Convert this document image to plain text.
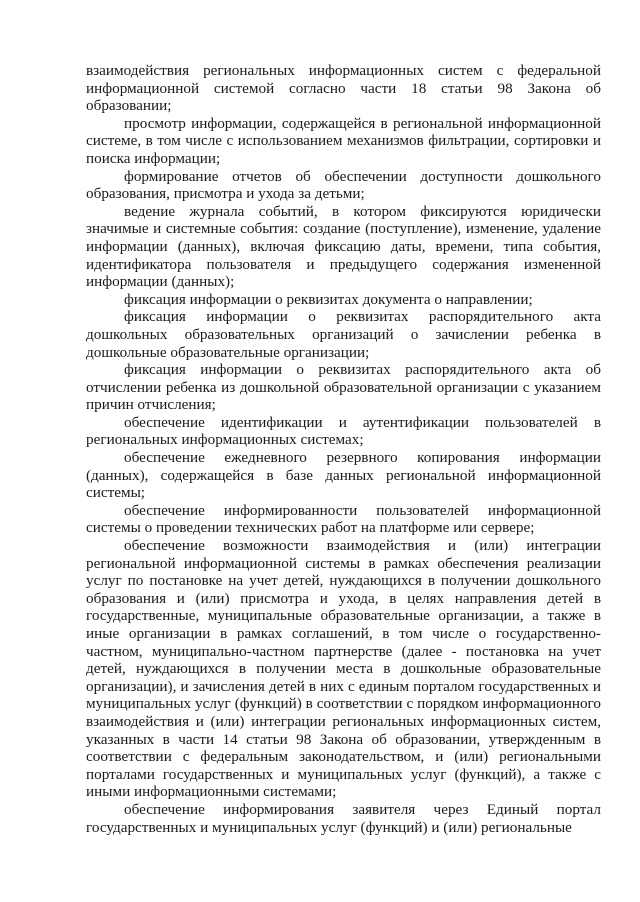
взаимодействия региональных информационных систем с федеральной информационной системой согласно части 18 статьи 98 Закона об образовании;

просмотр информации, содержащейся в региональной информационной системе, в том числе с использованием механизмов фильтрации, сортировки и поиска информации;

формирование отчетов об обеспечении доступности дошкольного образования, присмотра и ухода за детьми;

ведение журнала событий, в котором фиксируются юридически значимые и системные события: создание (поступление), изменение, удаление информации (данных), включая фиксацию даты, времени, типа события, идентификатора пользователя и предыдущего содержания измененной информации (данных);

фиксация информации о реквизитах документа о направлении;

фиксация информации о реквизитах распорядительного акта дошкольных образовательных организаций о зачислении ребенка в дошкольные образовательные организации;

фиксация информации о реквизитах распорядительного акта об отчислении ребенка из дошкольной образовательной организации с указанием причин отчисления;

обеспечение идентификации и аутентификации пользователей в региональных информационных системах;

обеспечение ежедневного резервного копирования информации (данных), содержащейся в базе данных региональной информационной системы;

обеспечение информированности пользователей информационной системы о проведении технических работ на платформе или сервере;

обеспечение возможности взаимодействия и (или) интеграции региональной информационной системы в рамках обеспечения реализации услуг по постановке на учет детей, нуждающихся в получении дошкольного образования и (или) присмотра и ухода, в целях направления детей в государственные, муниципальные образовательные организации, а также в иные организации в рамках соглашений, в том числе о государственно-частном, муниципально-частном партнерстве (далее - постановка на учет детей, нуждающихся в получении места в дошкольные образовательные организации), и зачисления детей в них с единым порталом государственных и муниципальных услуг (функций) в соответствии с порядком информационного взаимодействия и (или) интеграции региональных информационных систем, указанных в части 14 статьи 98 Закона об образовании, утвержденным в соответствии с федеральным законодательством, и (или) региональными порталами государственных и муниципальных услуг (функций), а также с иными информационными системами;

обеспечение информирования заявителя через Единый портал государственных и муниципальных услуг (функций) и (или) региональные
